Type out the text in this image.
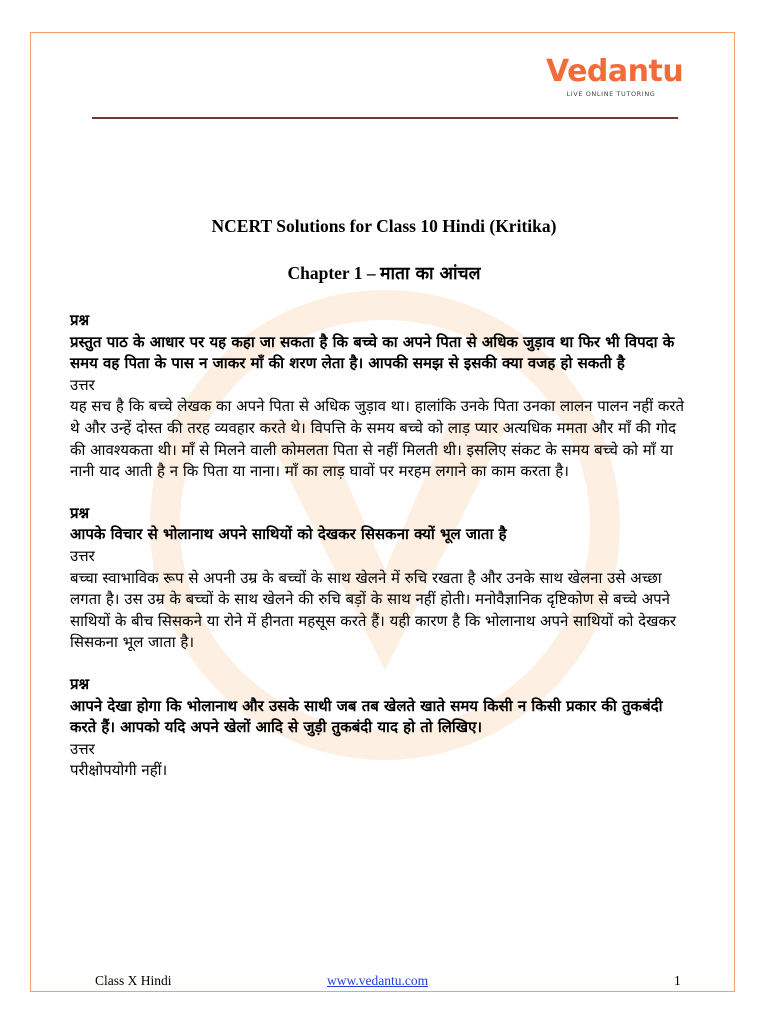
Vedantu
LIVE ONLINE TUTORING
NCERT Solutions for Class 10 Hindi (Kritika)
Chapter 1 – माता का आंचल
प्रश्न
प्रस्तुत पाठ के आधार पर यह कहा जा सकता है कि बच्चे का अपने पिता से अधिक जुड़ाव था फिर भी विपदा के समय वह पिता के पास न जाकर माँ की शरण लेता है। आपकी समझ से इसकी क्या वजह हो सकती है
उत्तर
यह सच है कि बच्चे लेखक का अपने पिता से अधिक जुड़ाव था। हालांकि उनके पिता उनका लालन पालन नहीं करते थे और उन्हें दोस्त की तरह व्यवहार करते थे। विपत्ति के समय बच्चे को लाड़ प्यार अत्यधिक ममता और माँ की गोद की आवश्यकता थी। माँ से मिलने वाली कोमलता पिता से नहीं मिलती थी। इसलिए संकट के समय बच्चे को माँ या नानी याद आती है न कि पिता या नाना। माँ का लाड़ घावों पर मरहम लगाने का काम करता है।
प्रश्न
आपके विचार से भोलानाथ अपने साथियों को देखकर सिसकना क्यों भूल जाता है
उत्तर
बच्चा स्वाभाविक रूप से अपनी उम्र के बच्चों के साथ खेलने में रुचि रखता है और उनके साथ खेलना उसे अच्छा लगता है। उस उम्र के बच्चों के साथ खेलने की रुचि बड़ों के साथ नहीं होती। मनोवैज्ञानिक दृष्टिकोण से बच्चे अपने साथियों के बीच सिसकने या रोने में हीनता महसूस करते हैं। यही कारण है कि भोलानाथ अपने साथियों को देखकर सिसकना भूल जाता है।
प्रश्न
आपने देखा होगा कि भोलानाथ और उसके साथी जब तब खेलते खाते समय किसी न किसी प्रकार की तुकबंदी करते हैं। आपको यदि अपने खेलों आदि से जुड़ी तुकबंदी याद हो तो लिखिए।
उत्तर
परीक्षोपयोगी नहीं।
Class X Hindi	www.vedantu.com	1
